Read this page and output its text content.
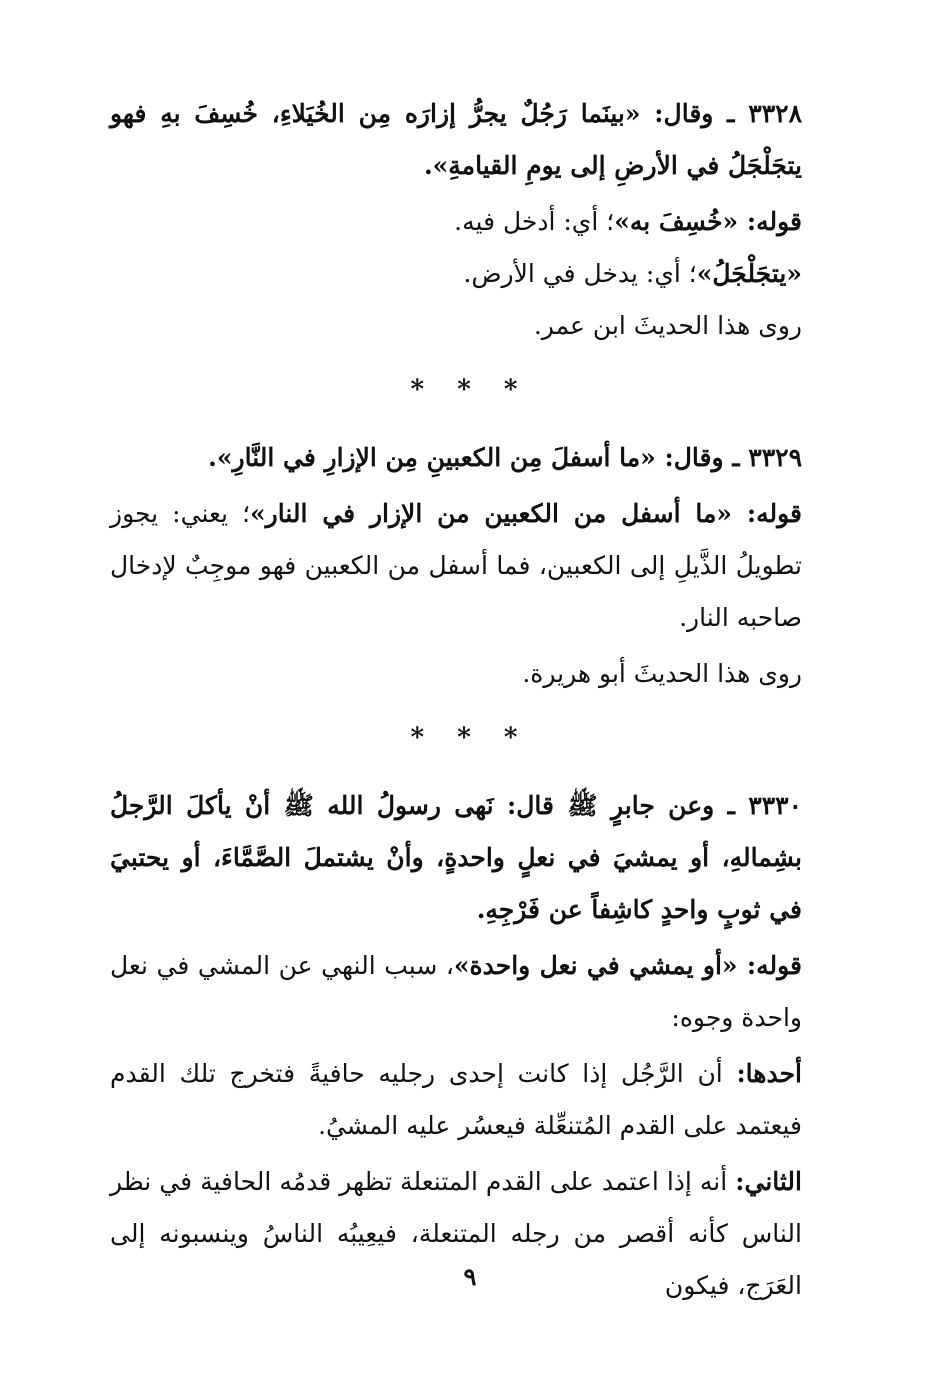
٣٣٢٨ ـ وقال: «بينَما رَجُلٌ يجرُّ إزارَه مِن الخُيَلاءِ، خُسِفَ بهِ فهو يتجَلْجَلُ في الأرضِ إلى يومِ القيامةِ».

قوله: «خُسِفَ به»؛ أي: أدخل فيه.

«يتجَلْجَلُ»؛ أي: يدخل في الأرض.

روى هذا الحديثَ ابن عمر.

* * *

٣٣٢٩ ـ وقال: «ما أسفلَ مِن الكعبينِ مِن الإزارِ في النَّارِ».

قوله: «ما أسفل من الكعبين من الإزار في النار»؛ يعني: يجوز تطويلُ الذَّيلِ إلى الكعبين، فما أسفل من الكعبين فهو موجِبٌ لإدخال صاحبه النار.

روى هذا الحديثَ أبو هريرة.

* * *

٣٣٣٠ ـ وعن جابرٍ ﷺ قال: نَهى رسولُ الله ﷺ أنْ يأكلَ الرَّجلُ بشِمالهِ، أو يمشيَ في نعلٍ واحدةٍ، وأنْ يشتملَ الصَّمَّاءَ، أو يحتبيَ في ثوبٍ واحدٍ كاشِفاً عن فَرْجِهِ.

قوله: «أو يمشي في نعل واحدة»، سبب النهي عن المشي في نعل واحدة وجوه:

أحدها: أن الرَّجُل إذا كانت إحدى رجليه حافيةً فتخرج تلك القدم فيعتمد على القدم المُتنعِّلة فيعسُر عليه المشيُ.

الثاني: أنه إذا اعتمد على القدم المتنعلة تظهر قدمُه الحافية في نظر الناس كأنه أقصر من رجله المتنعلة، فيعِيبُه الناسُ وينسبونه إلى العَرَج، فيكون

٩
